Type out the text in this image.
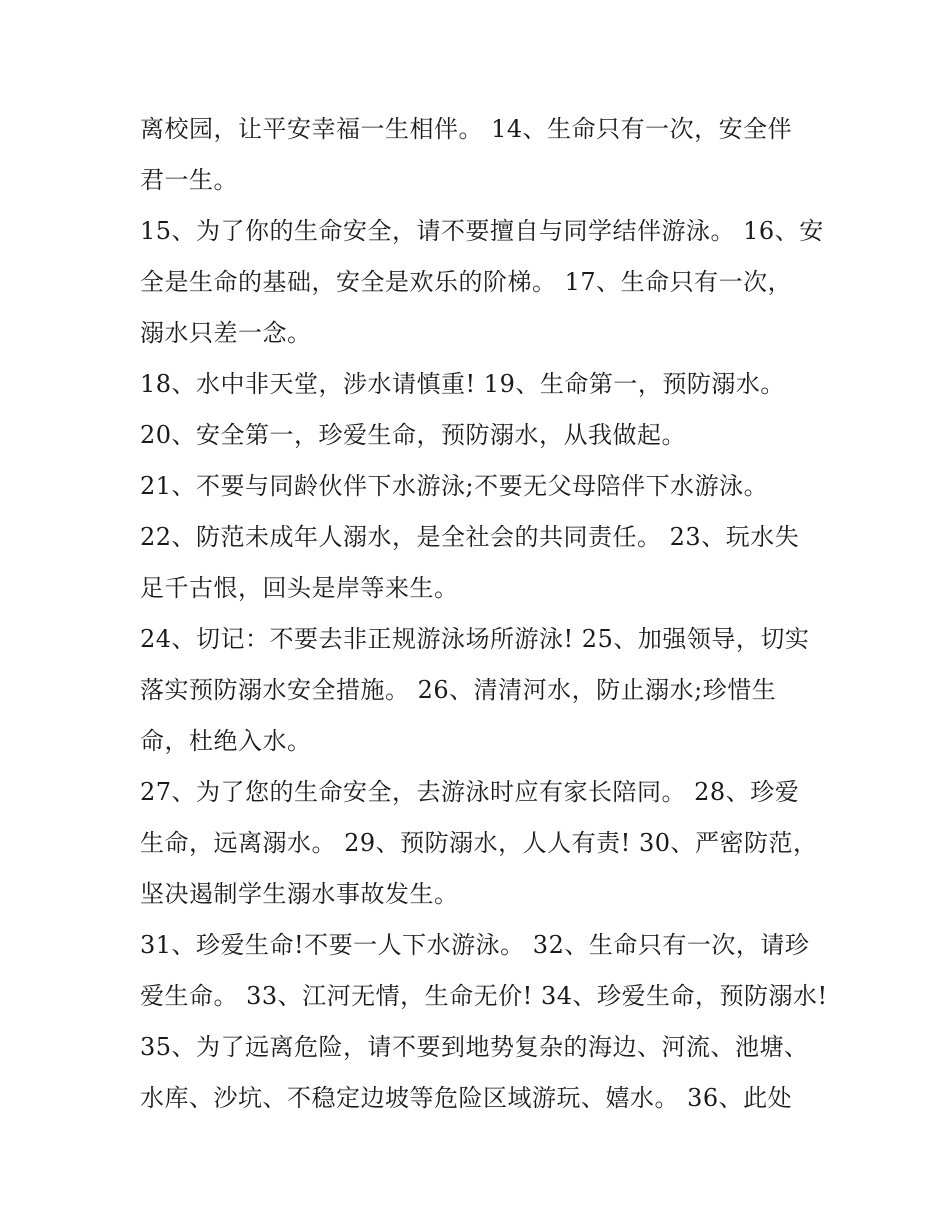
离校园，让平安幸福一生相伴。 14、生命只有一次，安全伴
君一生。
15、为了你的生命安全，请不要擅自与同学结伴游泳。 16、安
全是生命的基础，安全是欢乐的阶梯。 17、生命只有一次，
溺水只差一念。
18、水中非天堂，涉水请慎重! 19、生命第一，预防溺水。
20、安全第一，珍爱生命，预防溺水，从我做起。
21、不要与同龄伙伴下水游泳;不要无父母陪伴下水游泳。
22、防范未成年人溺水，是全社会的共同责任。 23、玩水失
足千古恨，回头是岸等来生。
24、切记：不要去非正规游泳场所游泳! 25、加强领导，切实
落实预防溺水安全措施。 26、清清河水，防止溺水;珍惜生
命，杜绝入水。
27、为了您的生命安全，去游泳时应有家长陪同。 28、珍爱
生命，远离溺水。 29、预防溺水，人人有责! 30、严密防范，
坚决遏制学生溺水事故发生。
31、珍爱生命!不要一人下水游泳。 32、生命只有一次，请珍
爱生命。 33、江河无情，生命无价! 34、珍爱生命，预防溺水!
35、为了远离危险，请不要到地势复杂的海边、河流、池塘、
水库、沙坑、不稳定边坡等危险区域游玩、嬉水。 36、此处
